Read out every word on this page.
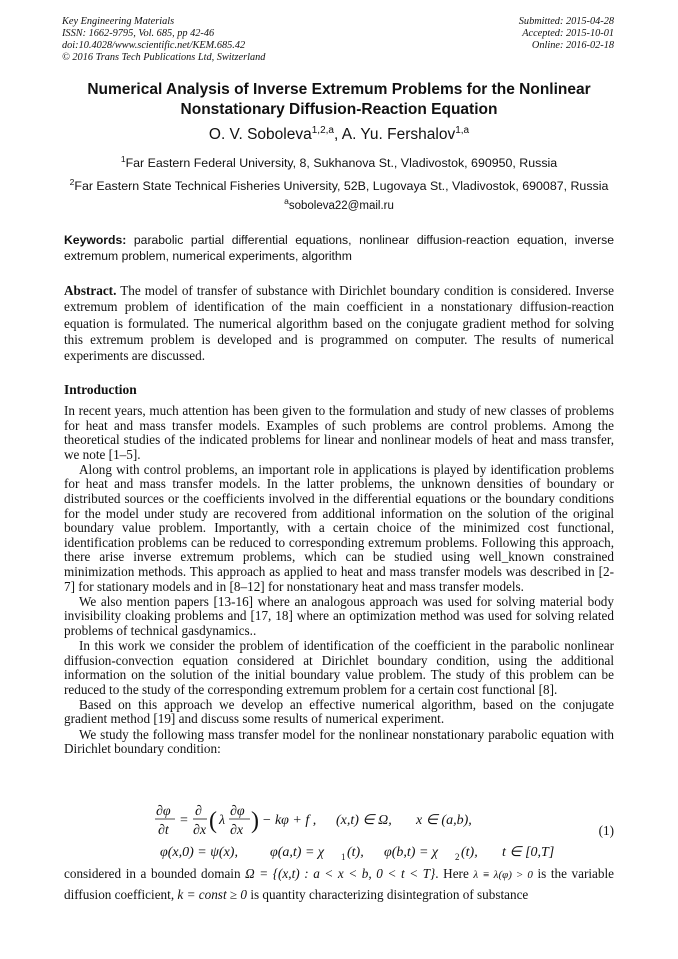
Key Engineering Materials
ISSN: 1662-9795, Vol. 685, pp 42-46
doi:10.4028/www.scientific.net/KEM.685.42
© 2016 Trans Tech Publications Ltd, Switzerland
Submitted: 2015-04-28
Accepted: 2015-10-01
Online: 2016-02-18
Numerical Analysis of Inverse Extremum Problems for the Nonlinear Nonstationary Diffusion-Reaction Equation
O. V. Soboleva$^{1,2,a}$, A. Yu. Fershalov$^{1,a}$
$^1$Far Eastern Federal University, 8, Sukhanova St., Vladivostok, 690950, Russia
$^2$Far Eastern State Technical Fisheries University, 52B, Lugovaya St., Vladivostok, 690087, Russia
$^a$soboleva22@mail.ru
Keywords: parabolic partial differential equations, nonlinear diffusion-reaction equation, inverse extremum problem, numerical experiments, algorithm
Abstract. The model of transfer of substance with Dirichlet boundary condition is considered. Inverse extremum problem of identification of the main coefficient in a nonstationary diffusion-reaction equation is formulated. The numerical algorithm based on the conjugate gradient method for solving this extremum problem is developed and is programmed on computer. The results of numerical experiments are discussed.
Introduction

In recent years, much attention has been given to the formulation and study of new classes of problems for heat and mass transfer models. Examples of such problems are control problems. Among the theoretical studies of the indicated problems for linear and nonlinear models of heat and mass transfer, we note [1–5].

Along with control problems, an important role in applications is played by identification problems for heat and mass transfer models. In the latter problems, the unknown densities of boundary or distributed sources or the coefficients involved in the differential equations or the boundary conditions for the model under study are recovered from additional information on the solution of the original boundary value problem. Importantly, with a certain choice of the minimized cost functional, identification problems can be reduced to corresponding extremum problems. Following this approach, there arise inverse extremum problems, which can be studied using well_known constrained minimization methods. This approach as applied to heat and mass transfer models was described in [2-7] for stationary models and in [8–12] for nonstationary heat and mass transfer models.

We also mention papers [13-16] where an analogous approach was used for solving material body invisibility cloaking problems and [17, 18] where an optimization method was used for solving related problems of technical gasdynamics..

In this work we consider the problem of identification of the coefficient in the parabolic nonlinear diffusion-convection equation considered at Dirichlet boundary condition, using the additional information on the solution of the initial boundary value problem. The study of this problem can be reduced to the study of the corresponding extremum problem for a certain cost functional [8].

Based on this approach we develop an effective numerical algorithm, based on the conjugate gradient method [19] and discuss some results of numerical experiment.

We study the following mass transfer model for the nonlinear nonstationary parabolic equation with Dirichlet boundary condition:

∂φ
∂t
=
∂
∂x ( λ
∂φ
∂x ) − kφ + f , (x,t) ∈ Ω, x ∈ (a,b),
φ(x,0) = ψ(x), φ(a,t) = χ 1 (t), φ(b,t) = χ 2 (t), t ∈ [0,T]
(1)
considered in a bounded domain Ω = {(x,t) : a < x < b, 0 < t < T}. Here λ ≡ λ(φ) > 0 is the variable diffusion coefficient, k = const ≥ 0 is quantity characterizing disintegration of substance
